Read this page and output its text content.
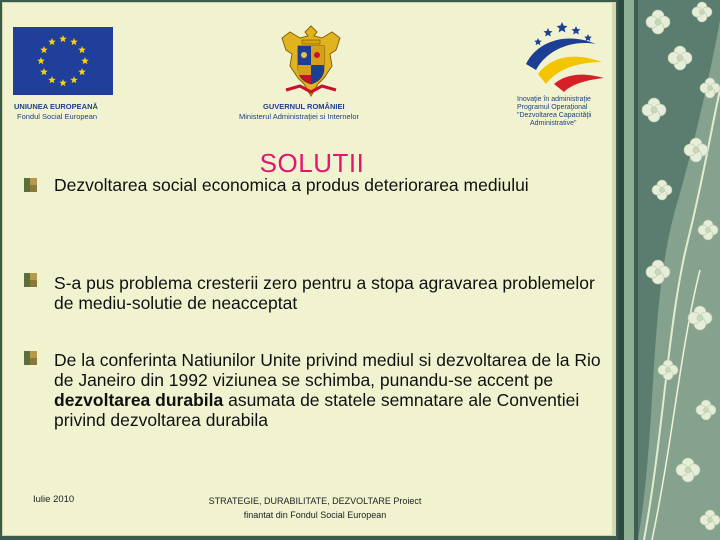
UNIUNEA EUROPEANĂ
Fondul Social European
GUVERNUL ROMÂNIEI
Ministerul Administraţiei si Internelor
Inovaţie în administraţie
Programul Operaţional
"Dezvoltarea Capacităţii
Administrative"
SOLUTII
Dezvoltarea social economica a produs deteriorarea mediului
S-a pus problema cresterii zero pentru a stopa agravarea problemelor de mediu-solutie de neacceptat
De la conferinta Natiunilor Unite privind mediul si dezvoltarea de la Rio de Janeiro din 1992 viziunea se schimba, punandu-se accent pe dezvoltarea durabila asumata de statele semnatare ale Conventiei privind dezvoltarea durabila
Iulie 2010	STRATEGIE, DURABILITATE, DEZVOLTARE Proiect
finantat din Fondul Social European
